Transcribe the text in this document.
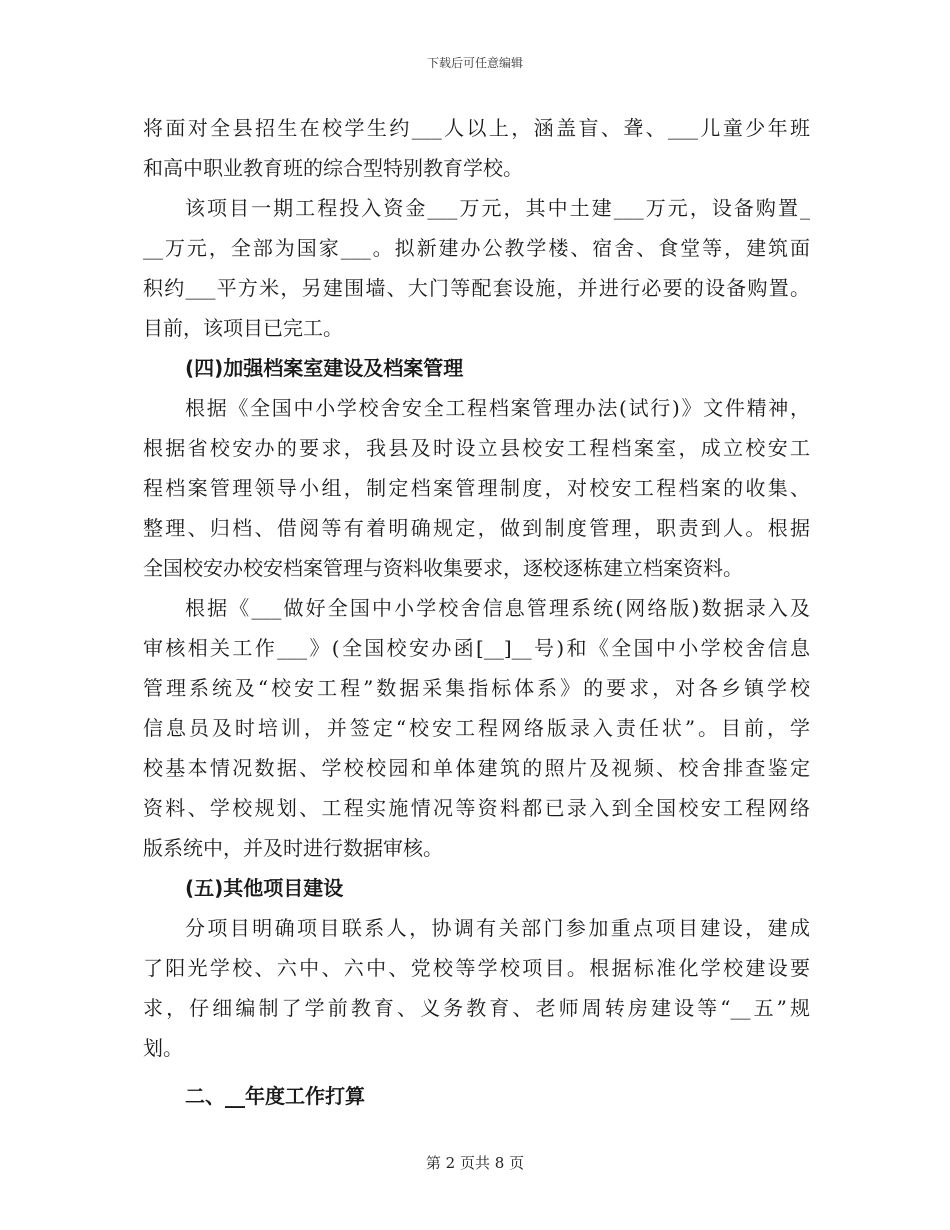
下载后可任意编辑
将面对全县招生在校学生约___人以上，涵盖盲、聋、___儿童少年班
和高中职业教育班的综合型特别教育学校。
该项目一期工程投入资金___万元，其中土建___万元，设备购置_
__万元，全部为国家___。拟新建办公教学楼、宿舍、食堂等，建筑面
积约___平方米，另建围墙、大门等配套设施，并进行必要的设备购置。
目前，该项目已完工。
(四)加强档案室建设及档案管理
根据《全国中小学校舍安全工程档案管理办法(试行)》文件精神，
根据省校安办的要求，我县及时设立县校安工程档案室，成立校安工
程档案管理领导小组，制定档案管理制度，对校安工程档案的收集、
整理、归档、借阅等有着明确规定，做到制度管理，职责到人。根据
全国校安办校安档案管理与资料收集要求，逐校逐栋建立档案资料。
根据《___做好全国中小学校舍信息管理系统(网络版)数据录入及
审核相关工作___》(全国校安办函[__]__号)和《全国中小学校舍信息
管理系统及“校安工程”数据采集指标体系》的要求，对各乡镇学校
信息员及时培训，并签定“校安工程网络版录入责任状”。目前，学
校基本情况数据、学校校园和单体建筑的照片及视频、校舍排查鉴定
资料、学校规划、工程实施情况等资料都已录入到全国校安工程网络
版系统中，并及时进行数据审核。
(五)其他项目建设
分项目明确项目联系人，协调有关部门参加重点项目建设，建成
了阳光学校、六中、六中、党校等学校项目。根据标准化学校建设要
求，仔细编制了学前教育、义务教育、老师周转房建设等“__五”规
划。
二、__年度工作打算
第 2 页共 8 页
